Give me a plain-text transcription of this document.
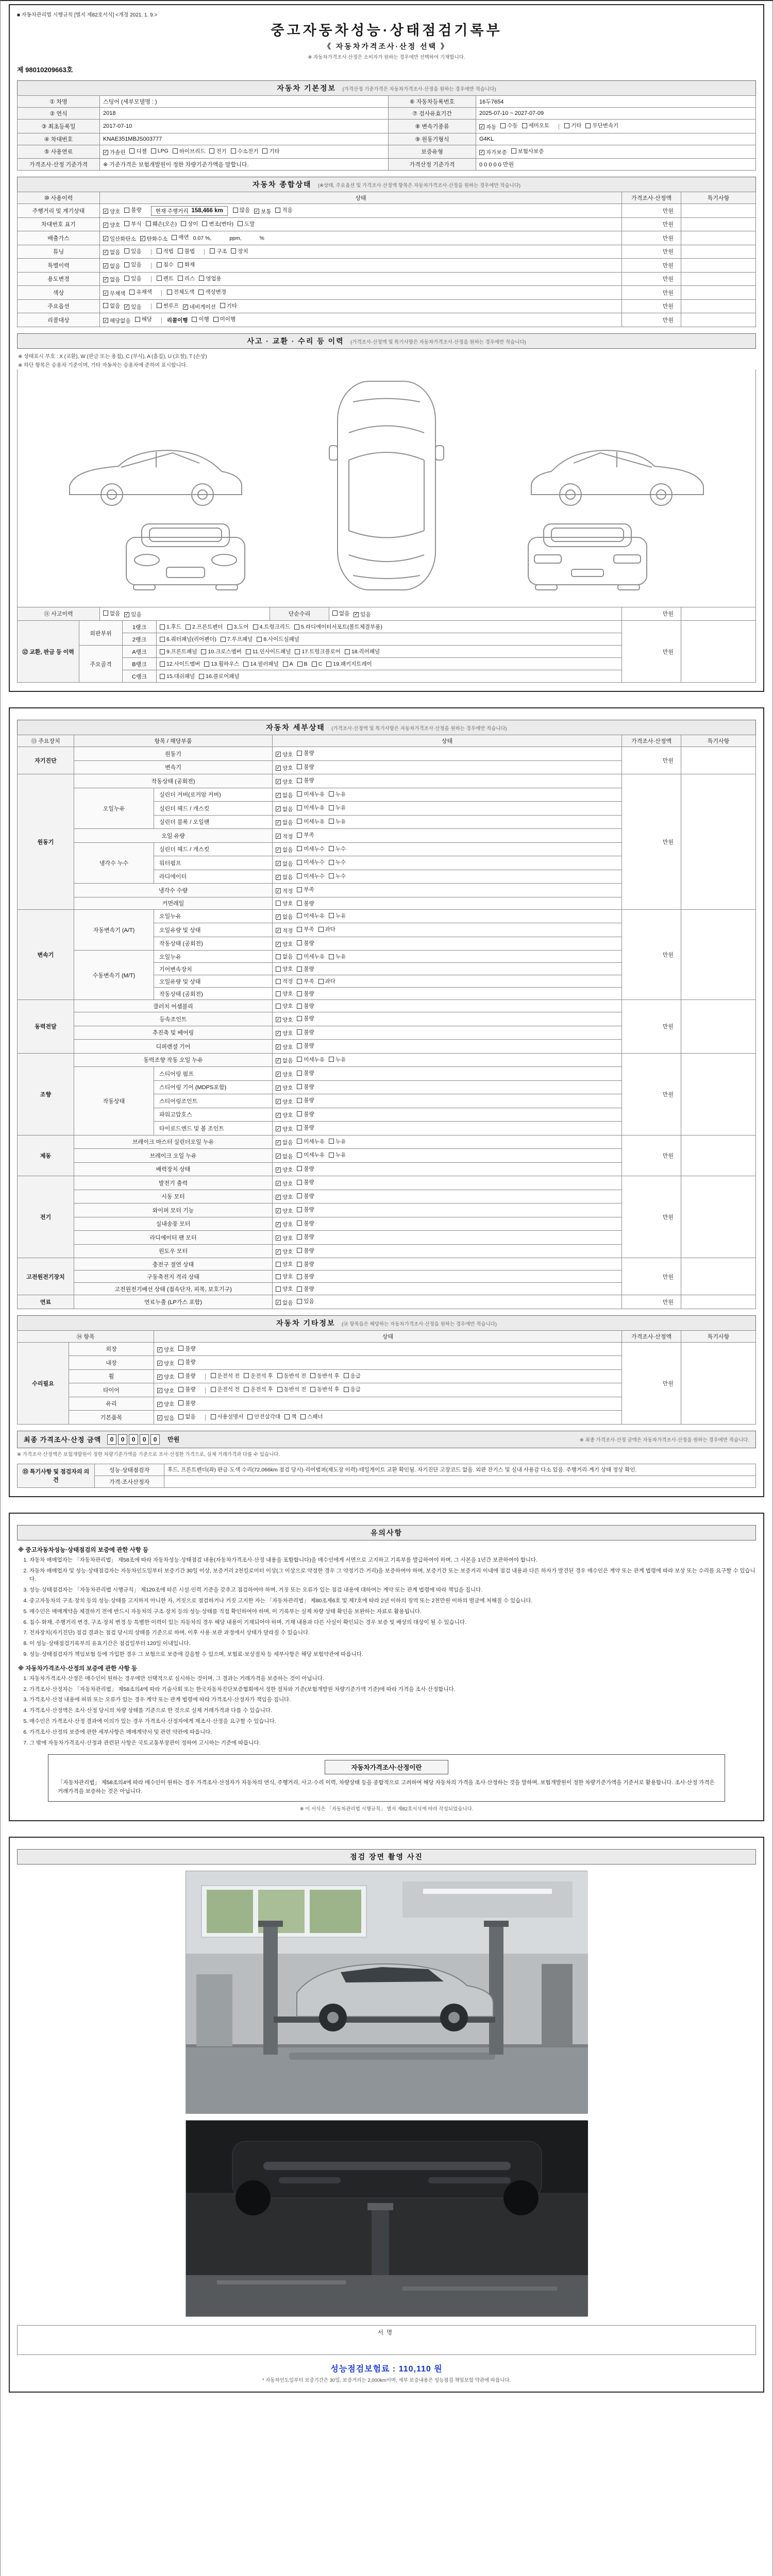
■ 자동차관리법 시행규칙 [별지 제82호서식] <개정 2021. 1. 9.>
중고자동차성능·상태점검기록부
《 자동차가격조사·산정 선택 》
※ 자동차가격조사·산정은 소비자가 원하는 경우에만 선택하여 기재합니다.
제 98010209663호
자동차 기본정보 (가격산정 기준가격은 자동차가격조사·산정을 원하는 경우에만 적습니다)
① 차명	스팅어 (세부모델명 : )	⑥ 자동차등록번호	16두7654
② 연식	2018	⑦ 검사유효기간	2025-07-10 ~ 2027-07-09
③ 최초등록일	2017-07-10	⑧ 변속기종류	✓ 자동 수동 세미오토	기타 무단변속기

④ 차대번호	KNAE351MBJS003777	⑨ 원동기형식	G4KL
⑤ 사용연료	✓ 가솔린 디젤 LPG 하이브리드 전기 수소전기 기타	보증유형	✓ 자가보증 보험사보증

가격조사·산정 기준가격	※ 기준가격은 보험개발원이 정한 차량기준가액을 말합니다.	가격산정 기준가격	0 0 0 0 0 만원
자동차 종합상태 (※상태, 주요옵션 및 가격조사·산정액 항목은 자동차가격조사·산정을 원하는 경우에만 적습니다)
⑩ 사용이력	상태	가격조사·산정액	특기사항
주행거리 및 계기상태	✓ 양호 불량	현재 주행거리 158,466 km	많음 ✓ 보통 적음	만원	
차대번호 표기	✓ 양호 부식 훼손(오손) 상이 변조(변타) 도말	만원	
배출가스	✓ 일산화탄소 ✓ 탄화수소 매연 0.07 %,            ppm,            %	만원	
튜닝	✓ 없음 있음	적법 불법	구조 장치	만원	
특별이력	✓ 없음 있음 침수 화재	만원	
용도변경	✓ 없음 있음	렌트 리스 영업용	만원	
색상	✓ 무채색 유채색 전체도색 색상변경	만원	
주요옵션	없음 ✓ 있음	썬루프 ✓ 네비게이션 기타	만원	
리콜대상	✓ 해당없음 해당	리콜이행 이행 미이행	만원	
사고 · 교환 · 수리 등 이력 (가격조사·산정액 및 특기사항은 자동차가격조사·산정을 원하는 경우에만 적습니다)
※ 상태표시 부호 : X (교환), W (판금 또는 용접), C (부식), A (흠집), U (요철), T (손상)
※ 하단 항목은 승용차 기준이며, 기타 자동차는 승용차에 준하여 표시합니다.
⑪ 사고이력	없음 ✓ 있음	단순수리	없음 ✓ 있음	만원	
⑫ 교환, 판금 등 이력	외판부위	1랭크	1.후드 2.프론트펜더 3.도어 4.트렁크리드 5.라디에이터서포트(볼트체결부품)	만원	
		2랭크	6.쿼터패널(리어펜더) 7.루프패널 8.사이드실패널		

	주요골격	A랭크	9.프론트패널 10.크로스멤버 11.인사이드패널 17.트렁크플로어 18.리어패널		

B랭크	12.사이드멤버 13.휠하우스 14.필러패널 A B C 19.패키지트레이

		C랭크	15.대쉬패널 16.플로어패널		
자동차 세부상태 (가격조사·산정액 및 특기사항은 자동차가격조사·산정을 원하는 경우에만 적습니다)
⑬ 주요장치	항목 / 해당부품		상태	가격조사·산정액	특기사항
자기진단	원동기		✓ 양호 불량	만원	
	변속기		✓ 양호 불량		

원동기	작동상태 (공회전)		✓ 양호 불량	만원	
	오일누유	실린더 커버(로커암 커버)	✓ 없음 미세누유 누유		

		실린더 헤드 / 개스킷	✓ 없음 미세누유 누유		

		실린더 블록 / 오일팬	✓ 없음 미세누유 누유		

	오일 유량		✓ 적정 부족		

	냉각수 누수	실린더 헤드 / 개스킷	✓ 없음 미세누수 누수		

		워터펌프	✓ 없음 미세누수 누수		

		라디에이터	✓ 없음 미세누수 누수		

	냉각수 수량		✓ 적정 부족		

	커먼레일		양호 불량		

변속기	자동변속기 (A/T)	오일누유	✓ 없음 미세누유 누유	만원	
		오일유량 및 상태	✓ 적정 부족 과다		

		작동상태 (공회전)	✓ 양호 불량		

	수동변속기 (M/T)	오일누유	없음 미세누유 누유		

		기어변속장치	양호 불량		

		오일유량 및 상태	적정 부족 과다		

		작동상태 (공회전)	양호 불량		

동력전달	클러치 어셈블리		양호 불량	만원	
	등속조인트		✓ 양호 불량		

	추진축 및 베어링		✓ 양호 불량		

	디퍼렌셜 기어		✓ 양호 불량		

조향	동력조향 작동 오일 누유		✓ 없음 미세누유 누유	만원	
	작동상태	스티어링 펌프	✓ 양호 불량		

		스티어링 기어 (MDPS포함)	✓ 양호 불량		

		스티어링조인트	✓ 양호 불량		

		파워고압호스	✓ 양호 불량		

		타이로드엔드 및 볼 조인트	✓ 양호 불량		

제동	브레이크 마스터 실린더오일 누유		✓ 없음 미세누유 누유	만원	
	브레이크 오일 누유		✓ 없음 미세누유 누유		

	배력장치 상태		✓ 양호 불량		

전기	발전기 출력		✓ 양호 불량	만원	
	시동 모터		✓ 양호 불량		

	와이퍼 모터 기능		✓ 양호 불량		

	실내송풍 모터		✓ 양호 불량		

	라디에이터 팬 모터		✓ 양호 불량		

	윈도우 모터		✓ 양호 불량		

고전원전기장치	충전구 절연 상태		양호 불량	만원	
	구동축전지 격리 상태		양호 불량		

	고전원전기배선 상태 (접속단자, 피복, 보호기구)		양호 불량		

연료	연료누출 (LP가스 포함)		✓ 없음 있음	만원	
자동차 기타정보 (⑭ 항목들은 해당하는 자동차가격조사·산정을 원하는 경우에만 적습니다)
⑭ 항목		상태	가격조사·산정액	특기사항
수리필요	외장	✓ 양호 불량	만원	
	내장	✓ 양호 불량		

휠	✓ 양호 불량	운전석 전 운전석 후 동반석 전 동반석 후 응급

타이어	✓ 양호 불량	운전석 전 운전석 후 동반석 전 동반석 후 응급

	유리	✓ 양호 불량		

기본품목	✓ 있음 없음	사용설명서 안전삼각대 잭 스패너
최종 가격조사·산정 금액	0 0 0 0 0	만원	※ 최종 가격조사·산정 금액은 자동차가격조사·산정을 원하는 경우에만 적습니다.
※ 가격조사·산정액은 보험개발원이 정한 차량기준가액을 기준으로 조사·산정한 가격으로, 실제 거래가격과 다를 수 있습니다.
⑮ 특기사항 및 점검자의 의견	성능·상태점검자	후드, 프론트펜더(좌) 판금·도색 수리(72,066km 점검 당시)·리어범퍼(재도장 이력)·테일게이트 교환 확인됨. 자기진단 고장코드 없음. 외판 잔기스 및 실내 사용감 다소 있음. 주행거리·계기 상태 정상 확인.
	가격·조사산정자	
유의사항
※ 중고자동차성능·상태점검의 보증에 관한 사항 등
1. 자동차 매매업자는 「자동차관리법」 제58조에 따라 자동차성능·상태점검 내용(자동차가격조사·산정 내용을 포함합니다)을 매수인에게 서면으로 고지하고 기록부를 발급하여야 하며, 그 사본을 1년간 보관하여야 합니다.
2. 자동차 매매업자 및 성능·상태점검자는 자동차인도일부터 보증기간 30일 이상, 보증거리 2천킬로미터 이상(그 이상으로 약정한 경우 그 약정기간·거리)을 보증하여야 하며, 보증기간 또는 보증거리 이내에 점검 내용과 다른 하자가 발견된 경우 매수인은 계약 또는 관계 법령에 따라 보상 또는 수리를 요구할 수 있습니다.
3. 성능·상태점검자는 「자동차관리법 시행규칙」 제120조에 따른 시설·인력 기준을 갖추고 점검하여야 하며, 거짓 또는 오류가 있는 점검 내용에 대하여는 계약 또는 관계 법령에 따라 책임을 집니다.
4. 중고자동차의 구조·장치 등의 성능·상태를 고지하지 아니한 자, 거짓으로 점검하거나 거짓 고지한 자는 「자동차관리법」 제80조제6호 및 제7호에 따라 2년 이하의 징역 또는 2천만원 이하의 벌금에 처해질 수 있습니다.
5. 매수인은 매매계약을 체결하기 전에 반드시 자동차의 구조·장치 등의 성능·상태를 직접 확인하여야 하며, 이 기록부는 실제 차량 상태 확인을 보완하는 자료로 활용됩니다.
6. 침수·화재, 주행거리 변경, 구조·장치 변경 등 특별한 이력이 있는 자동차의 경우 해당 내용이 기재되어야 하며, 기재 내용과 다른 사실이 확인되는 경우 보증 및 배상의 대상이 될 수 있습니다.
7. 전자장치(자기진단) 점검 결과는 점검 당시의 상태를 기준으로 하며, 이후 사용·보관 과정에서 상태가 달라질 수 있습니다.
8. 이 성능·상태점검기록부의 유효기간은 점검일부터 120일 이내입니다.
9. 성능·상태점검자가 책임보험 등에 가입한 경우 그 보험으로 보증에 갈음할 수 있으며, 보험료·보상절차 등 세부사항은 해당 보험약관에 따릅니다.
※ 자동차가격조사·산정의 보증에 관한 사항 등
1. 자동차가격조사·산정은 매수인이 원하는 경우에만 선택적으로 실시하는 것이며, 그 결과는 거래가격을 보증하는 것이 아닙니다.
2. 가격조사·산정자는 「자동차관리법」 제58조의4에 따라 기술사회 또는 한국자동차진단보증협회에서 정한 절차와 기준(보험개발원 차량기준가액 기준)에 따라 가격을 조사·산정합니다.
3. 가격조사·산정 내용에 허위 또는 오류가 있는 경우 계약 또는 관계 법령에 따라 가격조사·산정자가 책임을 집니다.
4. 가격조사·산정액은 조사·산정 당시의 차량 상태를 기준으로 한 것으로 실제 거래가격과 다를 수 있습니다.
5. 매수인은 가격조사·산정 결과에 이의가 있는 경우 가격조사·산정자에게 재조사·산정을 요구할 수 있습니다.
6. 가격조사·산정의 보증에 관한 세부사항은 매매계약서 및 관련 약관에 따릅니다.
7. 그 밖에 자동차가격조사·산정과 관련된 사항은 국토교통부장관이 정하여 고시하는 기준에 따릅니다.
자동차가격조사·산정이란
「자동차관리법」 제58조의4에 따라 매수인이 원하는 경우 가격조사·산정자가 자동차의 연식, 주행거리, 사고·수리 이력, 차량상태 등을 종합적으로 고려하여 해당 자동차의 가격을 조사·산정하는 것을 말하며, 보험개발원이 정한 차량기준가액을 기준서로 활용합니다. 조사·산정 가격은 거래가격을 보증하는 것은 아닙니다.
※ 이 서식은 「자동차관리법 시행규칙」 별지 제82호서식에 따라 작성되었습니다.
점검 장면 촬영 사진
서명
성능점검보험료 : 110,110 원
* 자동차인도일부터 보증기간은 30일, 보증거리는 2,000km이며, 세부 보증내용은 성능점검 책임보험 약관에 따릅니다.
